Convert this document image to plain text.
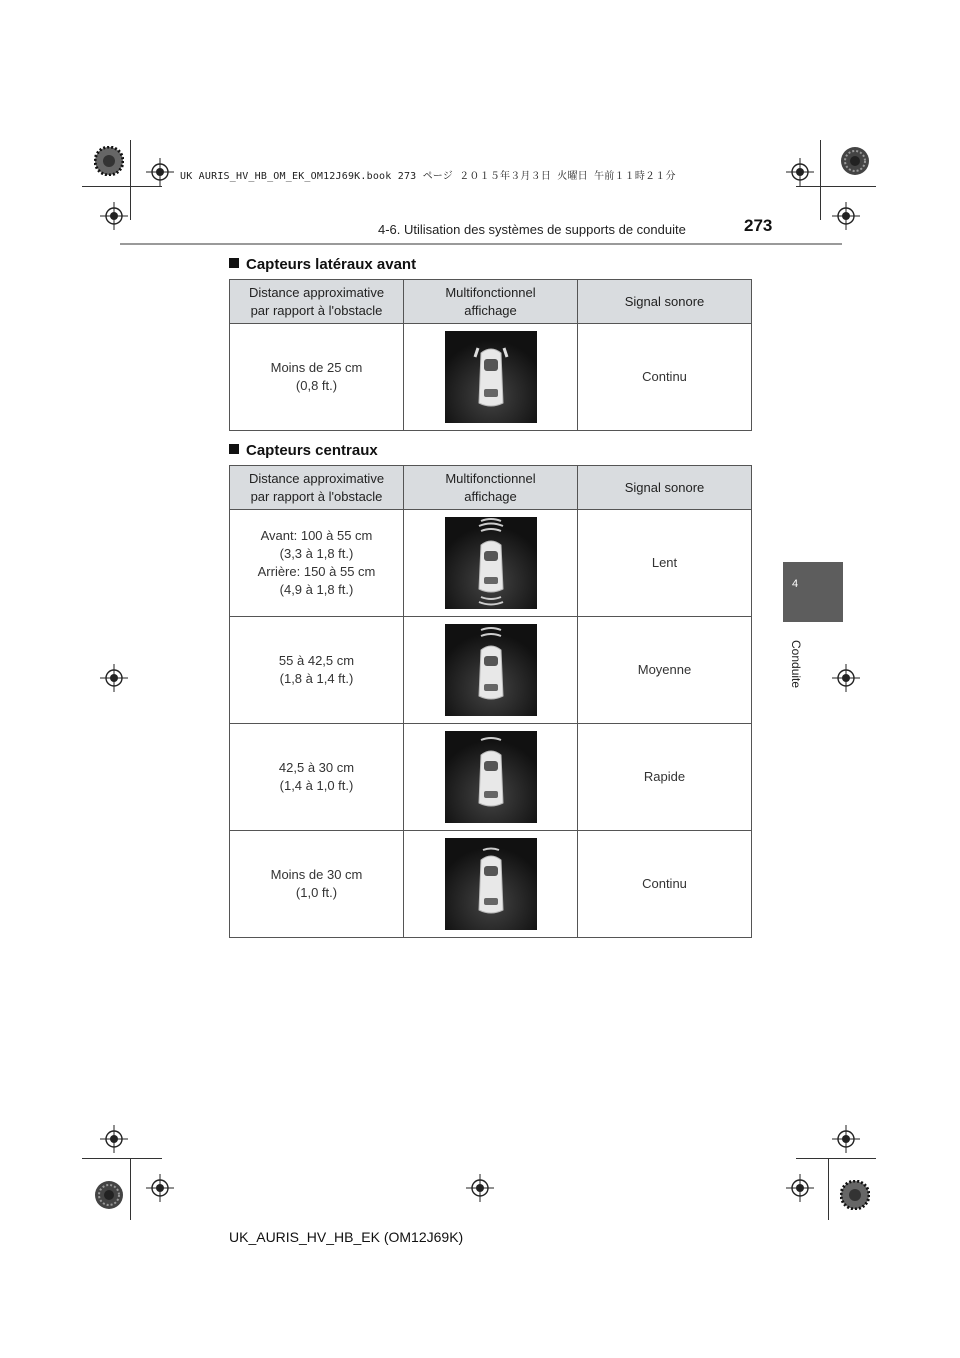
UK AURIS_HV_HB_OM_EK_OM12J69K.book 273 ページ ２０１５年３月３日 火曜日 午前１１時２１分
4-6. Utilisation des systèmes de supports de conduite	273
4
Conduite
Capteurs latéraux avant
Distance approximative par rapport à l'obstacle	Multifonctionnel affichage	Signal sonore

Moins de 25 cm
(0,8 ft.)		Continu
Capteurs centraux
Distance approximative par rapport à l'obstacle	Multifonctionnel affichage	Signal sonore

Avant: 100 à 55 cm
(3,3 à 1,8 ft.)
Arrière: 150 à 55 cm
(4,9 à 1,8 ft.)		Lent

55 à 42,5 cm
(1,8 à 1,4 ft.)		Moyenne

42,5 à 30 cm
(1,4 à 1,0 ft.)		Rapide

Moins de 30 cm
(1,0 ft.)		Continu
UK_AURIS_HV_HB_EK (OM12J69K)
